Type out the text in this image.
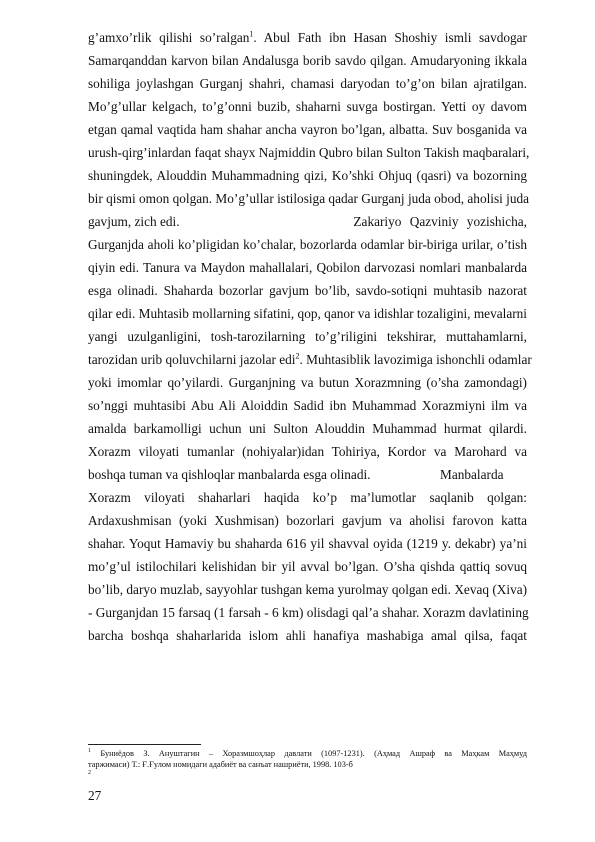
g’amxo’rlik qilishi so’ralgan$^1$. Abul Fath ibn Hasan Shoshiy ismli savdogar
Samarqanddan karvon bilan Andalusga borib savdo qilgan. Amudaryoning ikkala
sohiliga joylashgan Gurganj shahri, chamasi daryodan to’g’on bilan ajratilgan.
Mo’g’ullar kelgach, to’g’onni buzib, shaharni suvga bostirgan. Yetti oy davom
etgan qamal vaqtida ham shahar ancha vayron bo’lgan, albatta. Suv bosganida va
urush-qirg’inlardan faqat shayx Najmiddin Qubro bilan Sulton Takish maqbaralari,
shuningdek, Alouddin Muhammadning qizi, Ko’shki Ohjuq (qasri) va bozorning
bir qismi omon qolgan. Mo’g’ullar istilosiga qadar Gurganj juda obod, aholisi juda
gavjum, zich edi.	Zakariyo Qazviniy yozishicha,
Gurganjda aholi ko’pligidan ko’chalar, bozorlarda odamlar bir-biriga urilar, o’tish
qiyin edi. Tanura va Maydon mahallalari, Qobilon darvozasi nomlari manbalarda
esga olinadi. Shaharda bozorlar gavjum bo’lib, savdo-sotiqni muhtasib nazorat
qilar edi. Muhtasib mollarning sifatini, qop, qanor va idishlar tozaligini, mevalarni
yangi uzulganligini, tosh-tarozilarning to’g’riligini tekshirar, muttahamlarni,
tarozidan urib qoluvchilarni jazolar edi$^2$. Muhtasiblik lavozimiga ishonchli odamlar
yoki imomlar qo’yilardi. Gurganjning va butun Xorazmning (o’sha zamondagi)
so’nggi muhtasibi Abu Ali Aloiddin Sadid ibn Muhammad Xorazmiyni ilm va
amalda barkamolligi uchun uni Sulton Alouddin Muhammad hurmat qilardi.
Xorazm viloyati tumanlar (nohiyalar)idan Tohiriya, Kordor va Marohard va
boshqa tuman va qishloqlar manbalarda esga olinadi.	Manbalarda
Xorazm viloyati shaharlari haqida ko’p ma’lumotlar saqlanib qolgan:
Ardaxushmisan (yoki Xushmisan) bozorlari gavjum va aholisi farovon katta
shahar. Yoqut Hamaviy bu shaharda 616 yil shavval oyida (1219 y. dekabr) ya’ni
mo’g’ul istilochilari kelishidan bir yil avval bo’lgan. O’sha qishda qattiq sovuq
bo’lib, daryo muzlab, sayyohlar tushgan kema yurolmay qolgan edi. Xevaq (Xiva)
- Gurganjdan 15 farsaq (1 farsah - 6 km) olisdagi qal’a shahar. Xorazm davlatining
barcha boshqa shaharlarida islom ahli hanafiya mashabiga amal qilsa, faqat
$^1$ Буниёдов З. Ануштагин – Хоразмшоҳлар давлати (1097-1231). (Аҳмад Ашраф ва Маҳкам Маҳмуд
таржимаси) Т.: Ғ.Ғулом номидаги адабиёт ва санъат нашриёти, 1998. 103-б
$^2$
27
